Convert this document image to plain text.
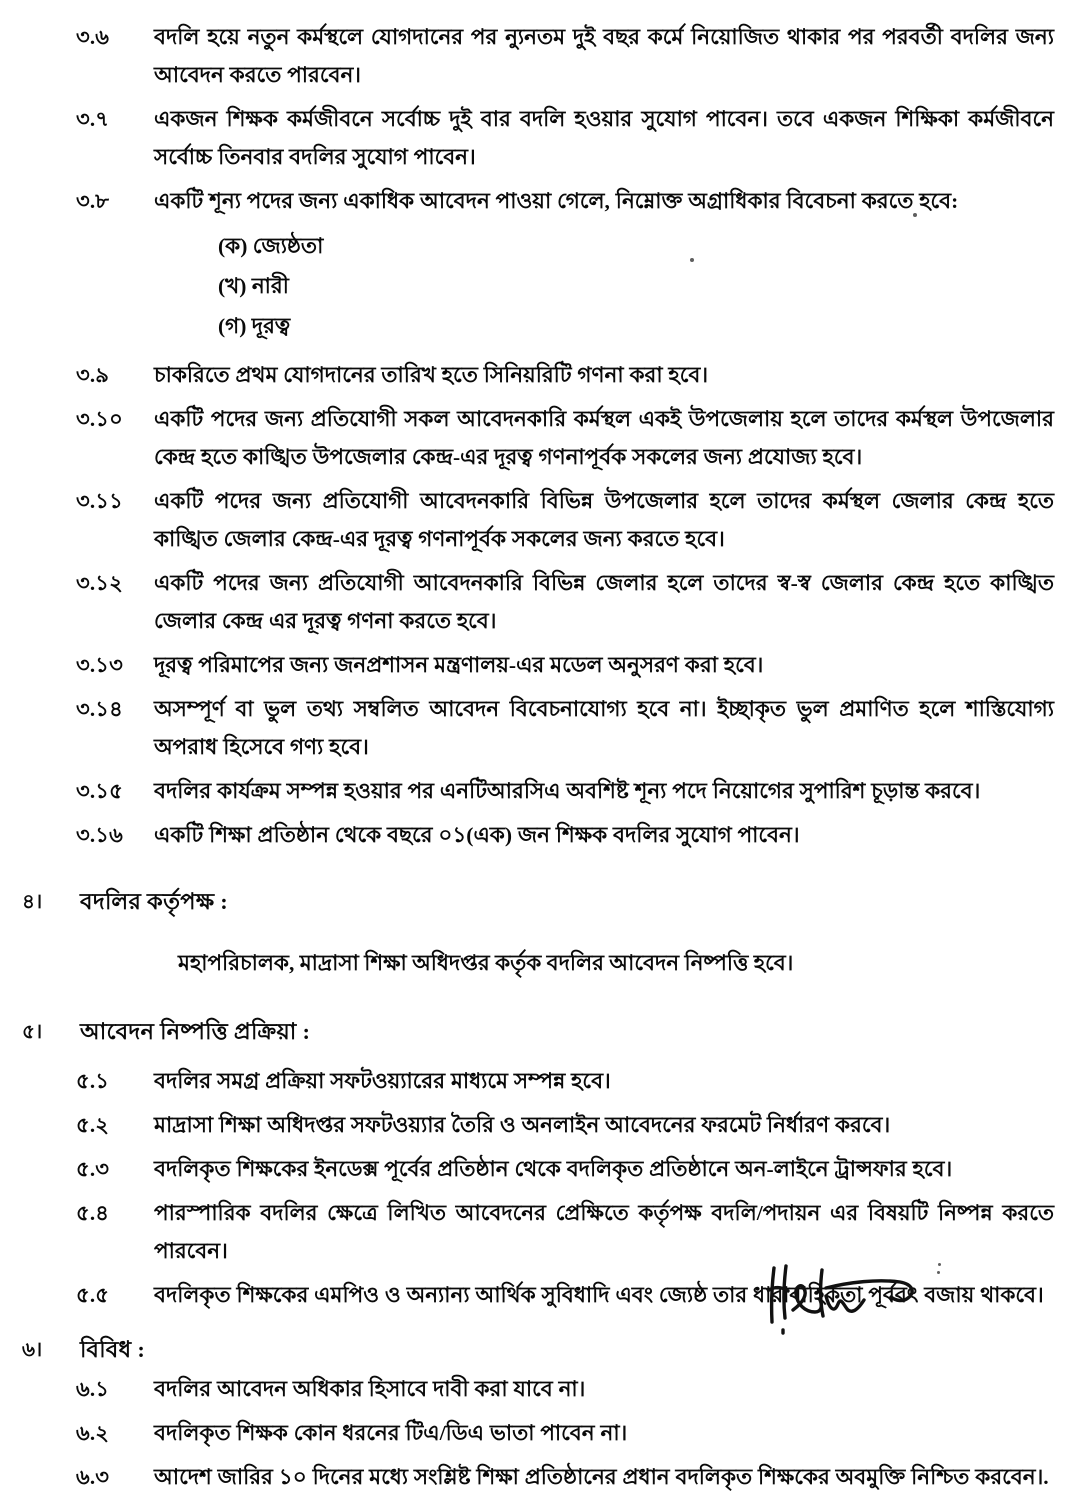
৩.৬	বদলি হয়ে নতুন কর্মস্থলে যোগদানের পর ন্যুনতম দুই বছর কর্মে নিয়োজিত থাকার পর পরবর্তী বদলির জন্য আবেদন করতে পারবেন।
৩.৭	একজন শিক্ষক কর্মজীবনে সর্বোচ্চ দুই বার বদলি হওয়ার সুযোগ পাবেন। তবে একজন শিক্ষিকা কর্মজীবনে সর্বোচ্চ তিনবার বদলির সুযোগ পাবেন।
৩.৮	একটি শূন্য পদের জন্য একাধিক আবেদন পাওয়া গেলে, নিম্নোক্ত অগ্রাধিকার বিবেচনা করতে হবে:
(ক) জ্যেষ্ঠতা
(খ) নারী
(গ) দূরত্ব
৩.৯	চাকরিতে প্রথম যোগদানের তারিখ হতে সিনিয়রিটি গণনা করা হবে।
৩.১০	একটি পদের জন্য প্রতিযোগী সকল আবেদনকারি কর্মস্থল একই উপজেলায় হলে তাদের কর্মস্থল উপজেলার কেন্দ্র হতে কাঙ্খিত উপজেলার কেন্দ্র-এর দূরত্ব গণনাপূর্বক সকলের জন্য প্রযোজ্য হবে।
৩.১১	একটি পদের জন্য প্রতিযোগী আবেদনকারি বিভিন্ন উপজেলার হলে তাদের কর্মস্থল জেলার কেন্দ্র হতে কাঙ্খিত জেলার কেন্দ্র-এর দূরত্ব গণনাপূর্বক সকলের জন্য করতে হবে।
৩.১২	একটি পদের জন্য প্রতিযোগী আবেদনকারি বিভিন্ন জেলার হলে তাদের স্ব-স্ব জেলার কেন্দ্র হতে কাঙ্খিত জেলার কেন্দ্র এর দূরত্ব গণনা করতে হবে।
৩.১৩	দূরত্ব পরিমাপের জন্য জনপ্রশাসন মন্ত্রণালয়-এর মডেল অনুসরণ করা হবে।
৩.১৪	অসম্পূর্ণ বা ভুল তথ্য সম্বলিত আবেদন বিবেচনাযোগ্য হবে না। ইচ্ছাকৃত ভুল প্রমাণিত হলে শাস্তিযোগ্য অপরাধ হিসেবে গণ্য হবে।
৩.১৫	বদলির কার্যক্রম সম্পন্ন হওয়ার পর এনটিআরসিএ অবশিষ্ট শূন্য পদে নিয়োগের সুপারিশ চূড়ান্ত করবে।
৩.১৬	একটি শিক্ষা প্রতিষ্ঠান থেকে বছরে ০১(এক) জন শিক্ষক বদলির সুযোগ পাবেন।
৪।	বদলির কর্তৃপক্ষ :
মহাপরিচালক, মাদ্রাসা শিক্ষা অধিদপ্তর কর্তৃক বদলির আবেদন নিষ্পত্তি হবে।
৫।	আবেদন নিষ্পত্তি প্রক্রিয়া :
৫.১	বদলির সমগ্র প্রক্রিয়া সফটওয়্যারের মাধ্যমে সম্পন্ন হবে।
৫.২	মাদ্রাসা শিক্ষা অধিদপ্তর সফটওয়্যার তৈরি ও অনলাইন আবেদনের ফরমেট নির্ধারণ করবে।
৫.৩	বদলিকৃত শিক্ষকের ইনডেক্স পূর্বের প্রতিষ্ঠান থেকে বদলিকৃত প্রতিষ্ঠানে অন-লাইনে ট্রান্সফার হবে।
৫.৪	পারস্পারিক বদলির ক্ষেত্রে লিখিত আবেদনের প্রেক্ষিতে কর্তৃপক্ষ বদলি/পদায়ন এর বিষয়টি নিষ্পন্ন করতে পারবেন।
৫.৫	বদলিকৃত শিক্ষকের এমপিও ও অন্যান্য আর্থিক সুবিধাদি এবং জ্যেষ্ঠ তার ধারাবাহিকতা পূর্ববৎ বজায় থাকবে।
৬।	বিবিধ :
৬.১	বদলির আবেদন অধিকার হিসাবে দাবী করা যাবে না।
৬.২	বদলিকৃত শিক্ষক কোন ধরনের টিএ/ডিএ ভাতা পাবেন না।
৬.৩	আদেশ জারির ১০ দিনের মধ্যে সংশ্লিষ্ট শিক্ষা প্রতিষ্ঠানের প্রধান বদলিকৃত শিক্ষকের অবমুক্তি নিশ্চিত করবেন।.
